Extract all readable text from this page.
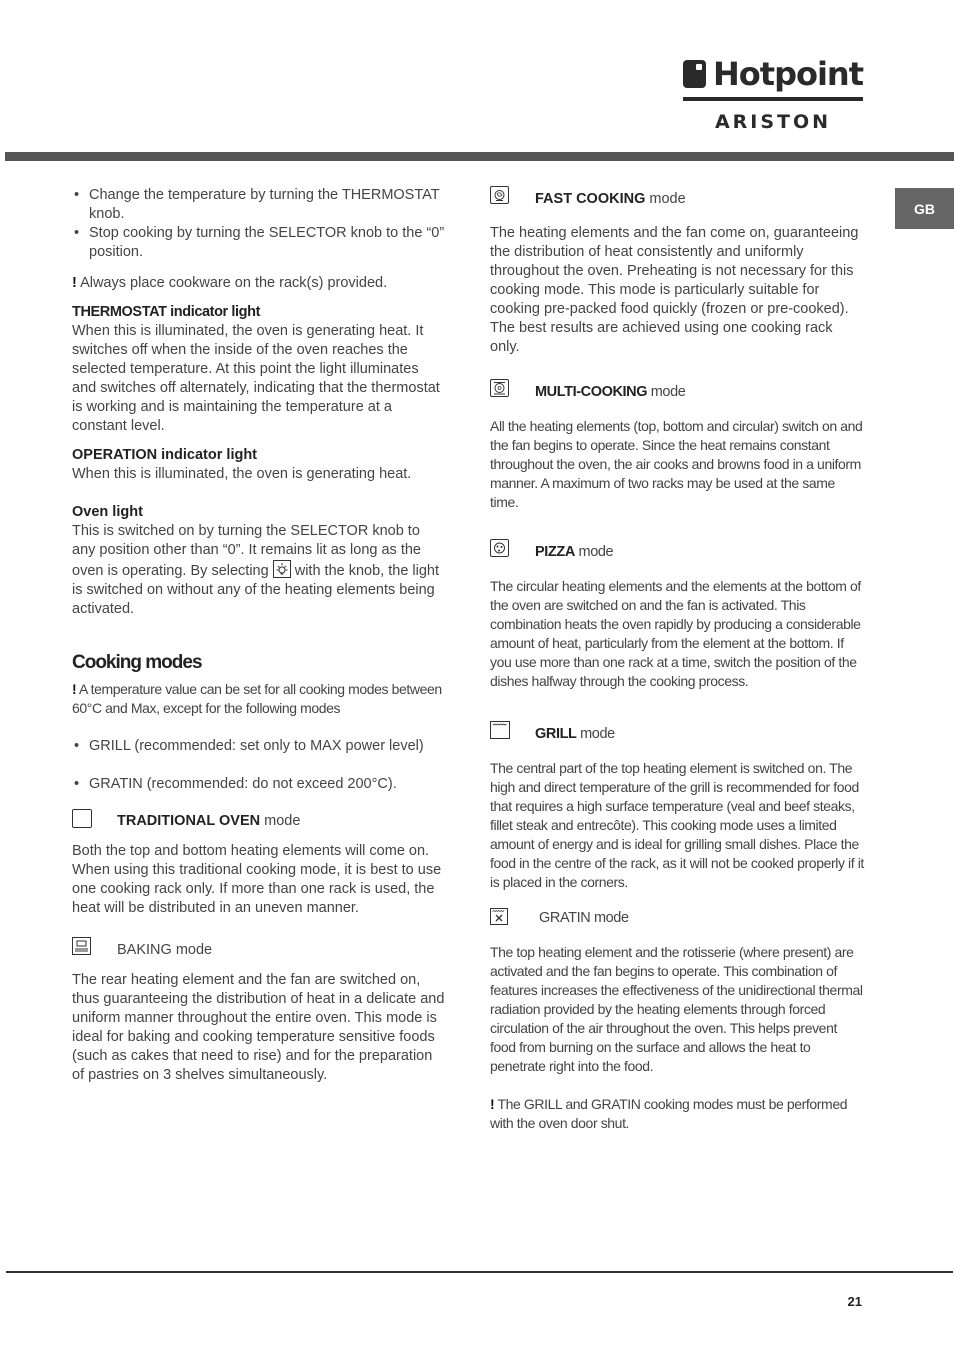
Hotpoint
ARISTON
GB
• Change the temperature by turning the THERMOSTAT knob.
• Stop cooking by turning the SELECTOR knob to the “0” position.

! Always place cookware on the rack(s) provided.

THERMOSTAT indicator light

When this is illuminated, the oven is generating heat. It switches off when the inside of the oven reaches the selected temperature. At this point the light illuminates and switches off alternately, indicating that the thermostat is working and is maintaining the temperature at a constant level.

OPERATION indicator light

When this is illuminated, the oven is generating heat.

Oven light

This is switched on by turning the SELECTOR knob to any position other than “0”. It remains lit as long as the oven is operating. By selecting
with the knob, the light is switched on without any of the heating elements being activated.

Cooking modes

! A temperature value can be set for all cooking modes between 60°C and Max, except for the following modes

• GRILL (recommended: set only to MAX power level)
• GRATIN (recommended: do not exceed 200°C).
TRADITIONAL OVEN mode

Both the top and bottom heating elements will come on. When using this traditional cooking mode, it is best to use one cooking rack only. If more than one rack is used, the heat will be distributed in an uneven manner.

BAKING mode

The rear heating element and the fan are switched on, thus guaranteeing the distribution of heat in a delicate and uniform manner throughout the entire oven. This mode is ideal for baking and cooking temperature sensitive foods (such as cakes that need to rise) and for the preparation of pastries on 3 shelves simultaneously.

FAST COOKING mode

The heating elements and the fan come on, guaranteeing the distribution of heat consistently and uniformly throughout the oven. Preheating is not necessary for this cooking mode. This mode is particularly suitable for cooking pre-packed food quickly (frozen or pre-cooked). The best results are achieved using one cooking rack only.

MULTI-COOKING mode

All the heating elements (top, bottom and circular) switch on and the fan begins to operate. Since the heat remains constant throughout the oven, the air cooks and browns food in a uniform manner. A maximum of two racks may be used at the same time.

PIZZA mode

The circular heating elements and the elements at the bottom of the oven are switched on and the fan is activated. This combination heats the oven rapidly by producing a considerable amount of heat, particularly from the element at the bottom. If you use more than one rack at a time, switch the position of the dishes halfway through the cooking process.

GRILL mode

The central part of the top heating element is switched on. The high and direct temperature of the grill is recommended for food that requires a high surface temperature (veal and beef steaks, fillet steak and entrecôte). This cooking mode uses a limited amount of energy and is ideal for grilling small dishes. Place the food in the centre of the rack, as it will not be cooked properly if it is placed in the corners.

GRATIN mode

The top heating element and the rotisserie (where present) are activated and the fan begins to operate. This combination of features increases the effectiveness of the unidirectional thermal radiation provided by the heating elements through forced circulation of the air throughout the oven. This helps prevent food from burning on the surface and allows the heat to penetrate right into the food.

! The GRILL and GRATIN cooking modes must be performed with the oven door shut.

21
